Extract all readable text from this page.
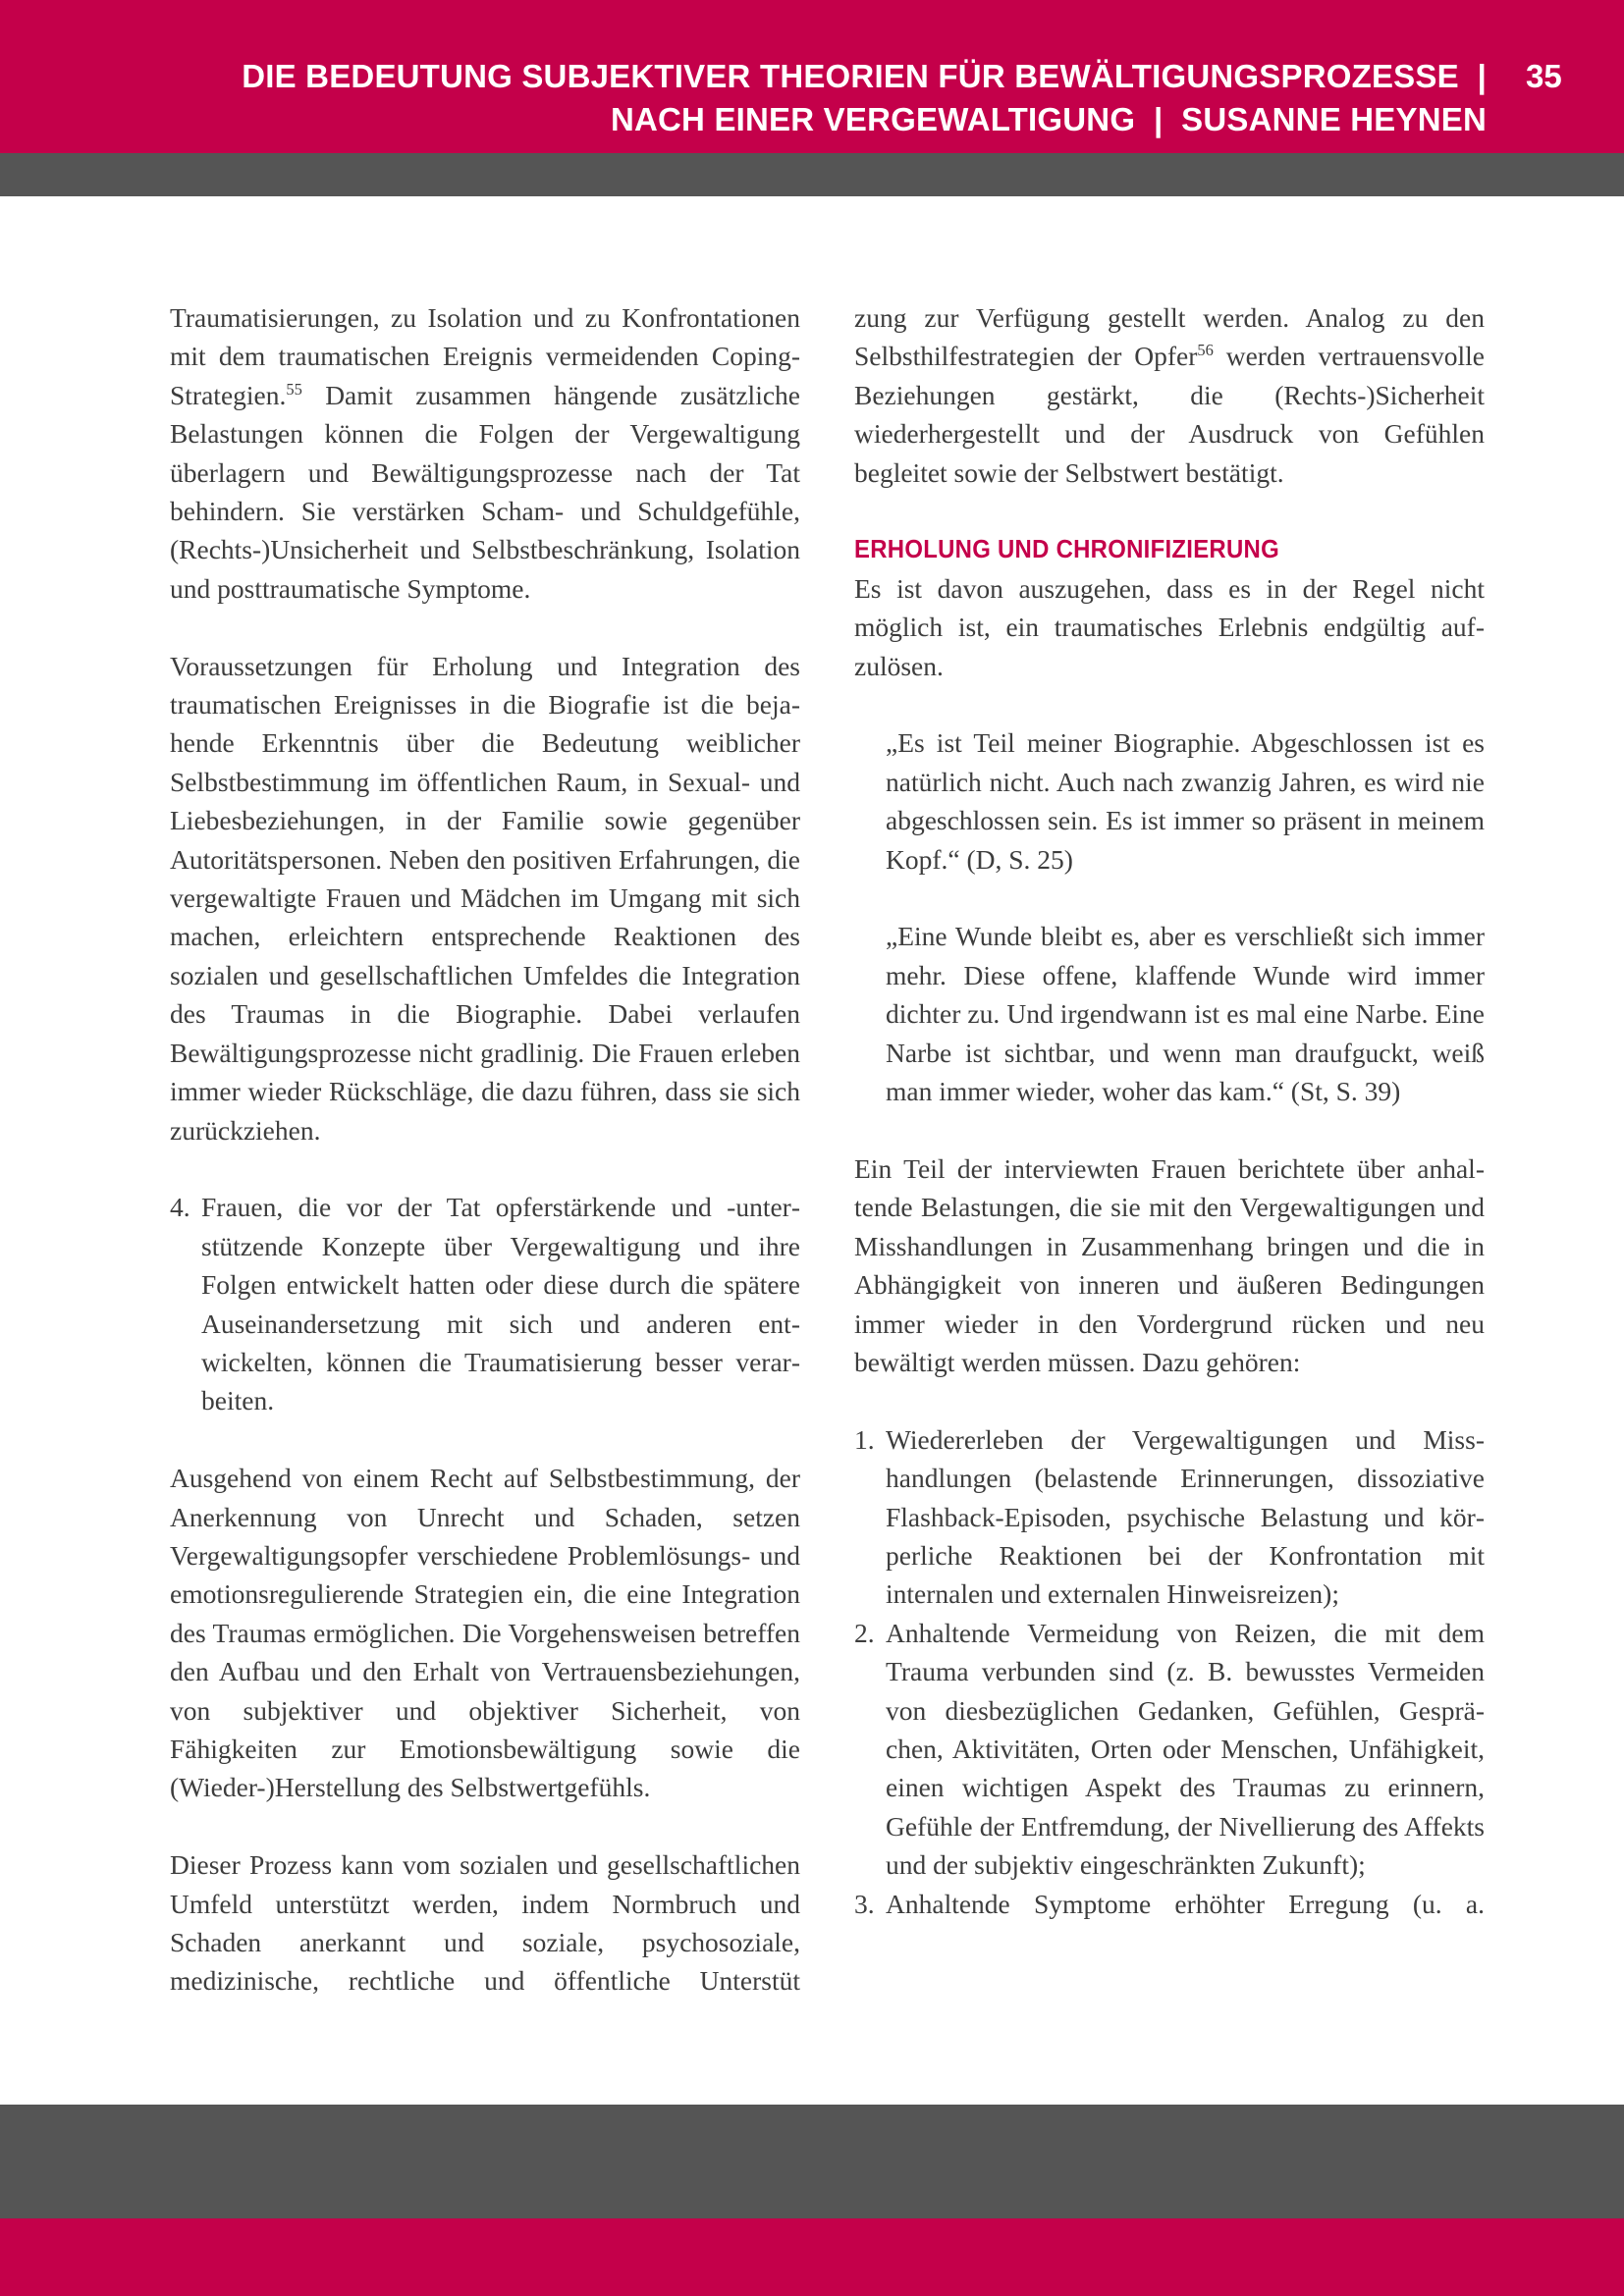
DIE BEDEUTUNG SUBJEKTIVER THEORIEN FÜR BEWÄLTIGUNGSPROZESSE |
NACH EINER VERGEWALTIGUNG | SUSANNE HEYNEN
35

Traumatisierungen, zu Isolation und zu Konfrontationen mit dem traumatischen Ereignis vermeidenden Coping-Strategien.$^{55}$ Damit zusammen hängende zusätzliche Belastungen können die Folgen der Vergewaltigung überlagern und Bewältigungsprozesse nach der Tat behindern. Sie verstärken Scham- und Schuldgefühle, (Rechts-)Unsicherheit und Selbstbeschränkung, Isolation und posttraumatische Symptome.

Voraussetzungen für Erholung und Integration des traumatischen Ereignisses in die Biografie ist die bejahende Erkenntnis über die Bedeutung weiblicher Selbstbestimmung im öffentlichen Raum, in Sexual- und Liebesbeziehungen, in der Familie sowie gegenüber Autoritätspersonen. Neben den positiven Erfahrungen, die vergewaltigte Frauen und Mädchen im Umgang mit sich machen, erleichtern entsprechende Reaktionen des sozialen und gesellschaftlichen Umfeldes die Integration des Traumas in die Biographie. Dabei verlaufen Bewältigungsprozesse nicht gradlinig. Die Frauen erleben immer wieder Rückschläge, die dazu führen, dass sie sich zurückziehen.

4. Frauen, die vor der Tat opferstärkende und -unterstützende Konzepte über Vergewaltigung und ihre Folgen entwickelt hatten oder diese durch die spätere Auseinandersetzung mit sich und anderen entwickelten, können die Traumatisierung besser verarbeiten.

Ausgehend von einem Recht auf Selbstbestimmung, der Anerkennung von Unrecht und Schaden, setzen Vergewaltigungsopfer verschiedene Problemlösungs- und emotionsregulierende Strategien ein, die eine Integration des Traumas ermöglichen. Die Vorgehensweisen betreffen den Aufbau und den Erhalt von Vertrauensbeziehungen, von subjektiver und objektiver Sicherheit, von Fähigkeiten zur Emotionsbewältigung sowie die (Wieder-)Herstellung des Selbstwertgefühls.

Dieser Prozess kann vom sozialen und gesellschaftlichen Umfeld unterstützt werden, indem Normbruch und Schaden anerkannt und soziale, psychosoziale, medizinische, rechtliche und öffentliche Unterstüt

zung zur Verfügung gestellt werden. Analog zu den Selbsthilfestrategien der Opfer$^{56}$ werden vertrauensvolle Beziehungen gestärkt, die (Rechts-)Sicherheit wiederhergestellt und der Ausdruck von Gefühlen begleitet sowie der Selbstwert bestätigt.

ERHOLUNG UND CHRONIFIZIERUNG

Es ist davon auszugehen, dass es in der Regel nicht möglich ist, ein traumatisches Erlebnis endgültig aufzulösen.

„Es ist Teil meiner Biographie. Abgeschlossen ist es natürlich nicht. Auch nach zwanzig Jahren, es wird nie abgeschlossen sein. Es ist immer so präsent in meinem Kopf.“ (D, S. 25)

„Eine Wunde bleibt es, aber es verschließt sich immer mehr. Diese offene, klaffende Wunde wird immer dichter zu. Und irgendwann ist es mal eine Narbe. Eine Narbe ist sichtbar, und wenn man draufguckt, weiß man immer wieder, woher das kam.“ (St, S. 39)

Ein Teil der interviewten Frauen berichtete über anhaltende Belastungen, die sie mit den Vergewaltigungen und Misshandlungen in Zusammenhang bringen und die in Abhängigkeit von inneren und äußeren Bedingungen immer wieder in den Vordergrund rücken und neu bewältigt werden müssen. Dazu gehören:

1. Wiedererleben der Vergewaltigungen und Misshandlungen (belastende Erinnerungen, dissoziative Flashback-Episoden, psychische Belastung und körperliche Reaktionen bei der Konfrontation mit internalen und externalen Hinweisreizen);
2. Anhaltende Vermeidung von Reizen, die mit dem Trauma verbunden sind (z. B. bewusstes Vermeiden von diesbezüglichen Gedanken, Gefühlen, Gesprächen, Aktivitäten, Orten oder Menschen, Unfähigkeit, einen wichtigen Aspekt des Traumas zu erinnern, Gefühle der Entfremdung, der Nivellierung des Affekts und der subjektiv eingeschränkten Zukunft);
3. Anhaltende Symptome erhöhter Erregung (u. a.
